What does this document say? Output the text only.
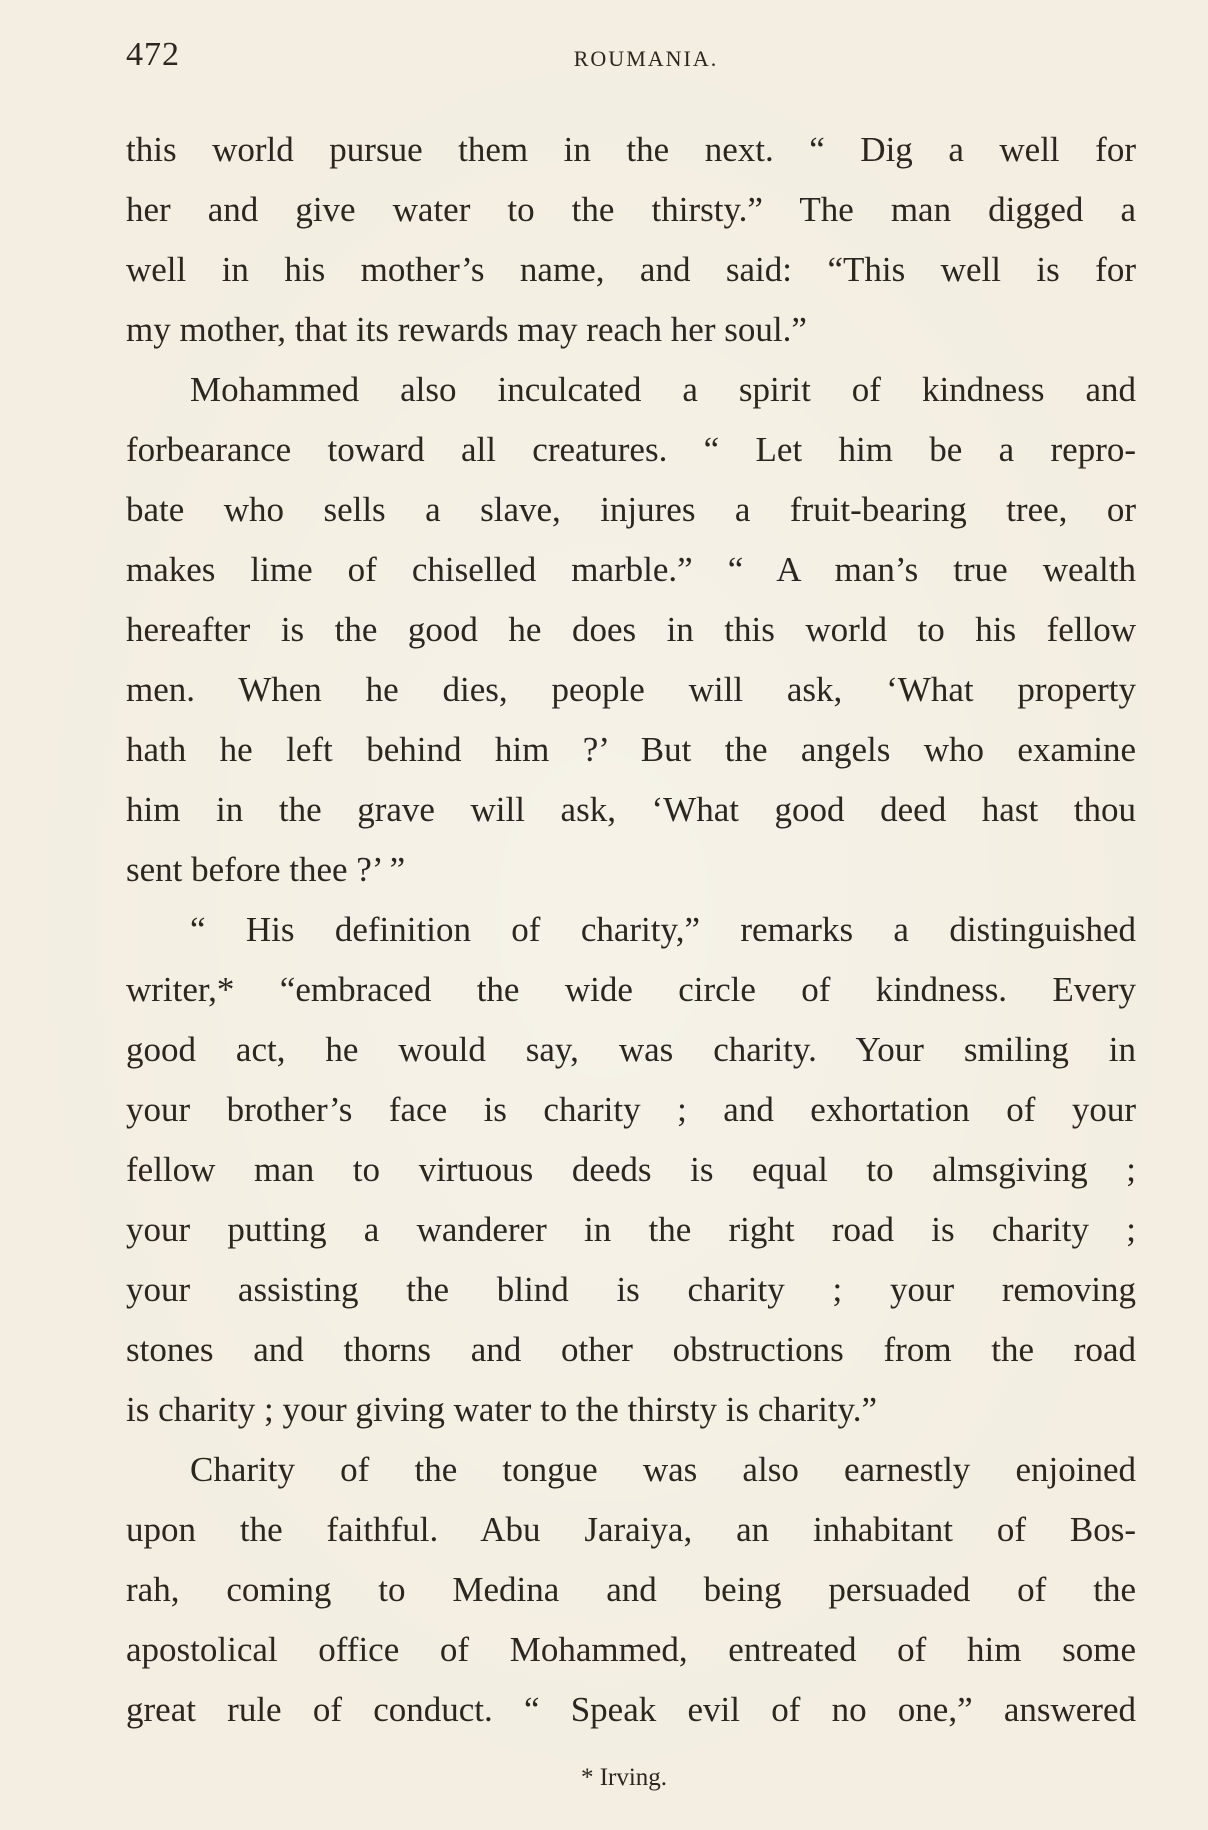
472	ROUMANIA.
this world pursue them in the next. “ Dig a well for
her and give water to the thirsty.” The man digged a
well in his mother’s name, and said: “This well is for
my mother, that its rewards may reach her soul.”
Mohammed also inculcated a spirit of kindness and
forbearance toward all creatures. “ Let him be a repro-
bate who sells a slave, injures a fruit-bearing tree, or
makes lime of chiselled marble.” “ A man’s true wealth
hereafter is the good he does in this world to his fellow
men. When he dies, people will ask, ‘What property
hath he left behind him ?’ But the angels who examine
him in the grave will ask, ‘What good deed hast thou
sent before thee ?’ ”
“ His definition of charity,” remarks a distinguished
writer,* “embraced the wide circle of kindness. Every
good act, he would say, was charity. Your smiling in
your brother’s face is charity ; and exhortation of your
fellow man to virtuous deeds is equal to almsgiving ;
your putting a wanderer in the right road is charity ;
your assisting the blind is charity ; your removing
stones and thorns and other obstructions from the road
is charity ; your giving water to the thirsty is charity.”
Charity of the tongue was also earnestly enjoined
upon the faithful. Abu Jaraiya, an inhabitant of Bos-
rah, coming to Medina and being persuaded of the
apostolical office of Mohammed, entreated of him some
great rule of conduct. “ Speak evil of no one,” answered
* Irving.
